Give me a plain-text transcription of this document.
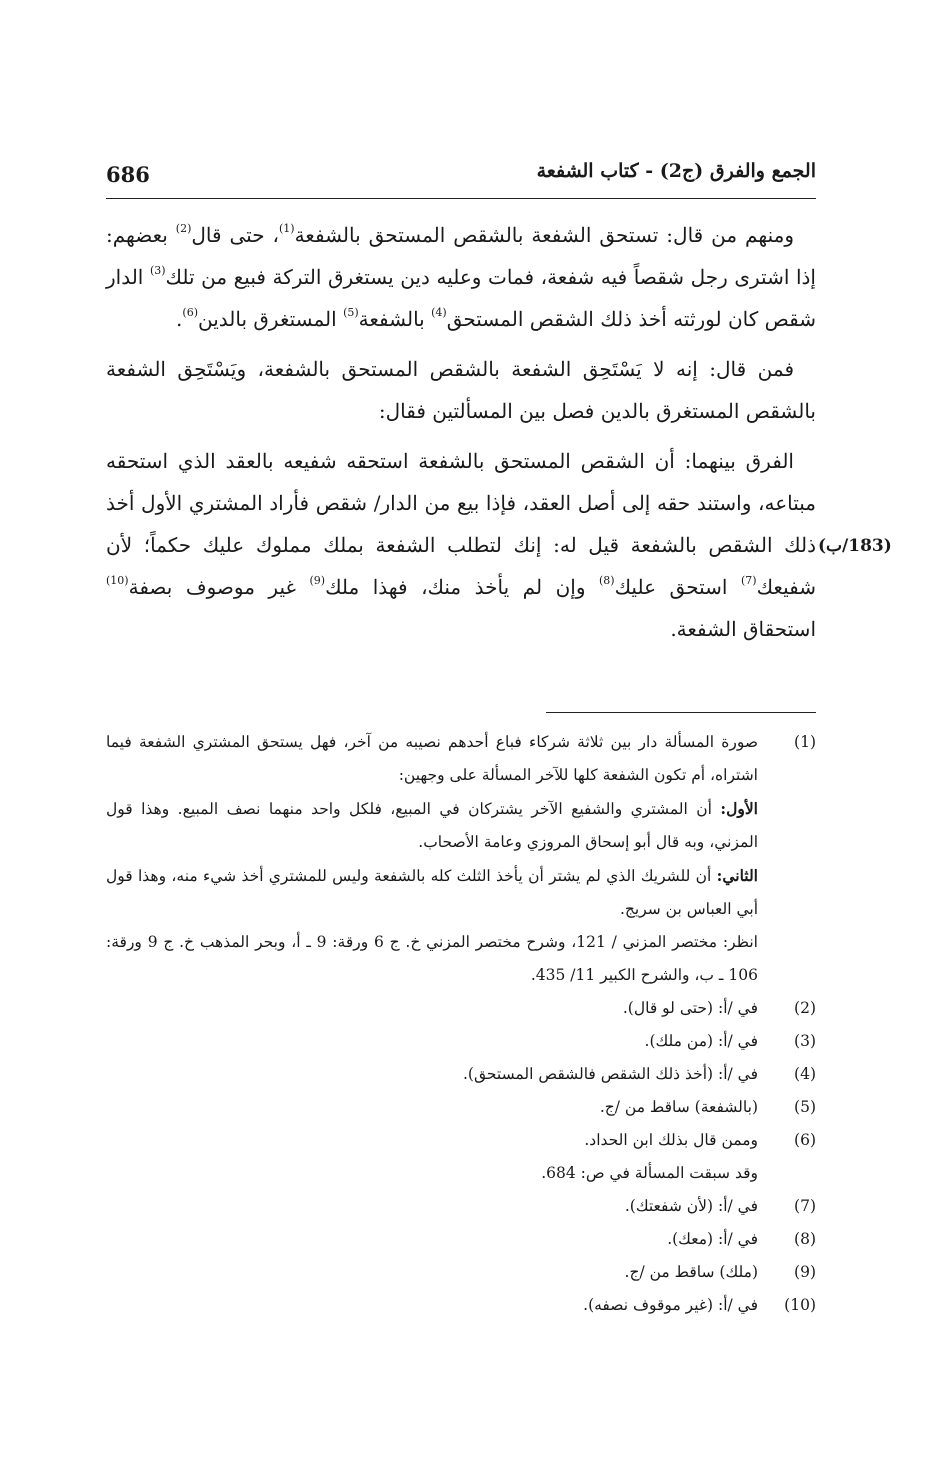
686	الجمع والفرق (ج2) - كتاب الشفعة

ومنهم من قال: تستحق الشفعة بالشقص المستحق بالشفعة$^{(1)}$، حتى قال$^{(2)}$ بعضهم: إذا اشترى رجل شقصاً فيه شفعة، فمات وعليه دين يستغرق التركة فبيع من تلك$^{(3)}$ الدار شقص كان لورثته أخذ ذلك الشقص المستحق$^{(4)}$ بالشفعة$^{(5)}$ المستغرق بالدين$^{(6)}$.

فمن قال: إنه لا يَسْتَحِق الشفعة بالشقص المستحق بالشفعة، ويَسْتَحِق الشفعة بالشقص المستغرق بالدين فصل بين المسألتين فقال:

الفرق بينهما: أن الشقص المستحق بالشفعة استحقه شفيعه بالعقد الذي استحقه مبتاعه، واستند حقه إلى أصل العقد، فإذا بيع من الدار/ شقص فأراد المشتري الأول أخذ ذلك الشقص بالشفعة قيل له: إنك لتطلب الشفعة بملك مملوك عليك حكماً؛ لأن شفيعك$^{(7)}$ استحق عليك$^{(8)}$ وإن لم يأخذ منك، فهذا ملك$^{(9)}$ غير موصوف بصفة$^{(10)}$ استحقاق الشفعة.

(183/ب)
(1)
صورة المسألة دار بين ثلاثة شركاء فباع أحدهم نصيبه من آخر، فهل يستحق المشتري الشفعة فيما اشتراه، أم تكون الشفعة كلها للآخر المسألة على وجهين:
الأول: أن المشتري والشفيع الآخر يشتركان في المبيع، فلكل واحد منهما نصف المبيع. وهذا قول المزني، وبه قال أبو إسحاق المروزي وعامة الأصحاب.
الثاني: أن للشريك الذي لم يشتر أن يأخذ الثلث كله بالشفعة وليس للمشتري أخذ شيء منه، وهذا قول أبي العباس بن سريج.
انظر: مختصر المزني / 121، وشرح مختصر المزني خ. ج 6 ورقة: 9 ـ أ، وبحر المذهب خ. ج 9 ورقة: 106 ـ ب، والشرح الكبير 11/ 435.
(2)
في /أ: (حتى لو قال).
(3)
في /أ: (من ملك).
(4)
في /أ: (أخذ ذلك الشقص فالشقص المستحق).
(5)
(بالشفعة) ساقط من /ج.
(6)
وممن قال بذلك ابن الحداد.
وقد سبقت المسألة في ص: 684.
(7)
في /أ: (لأن شفعتك).
(8)
في /أ: (معك).
(9)
(ملك) ساقط من /ج.
(10)
في /أ: (غير موقوف نصفه).
